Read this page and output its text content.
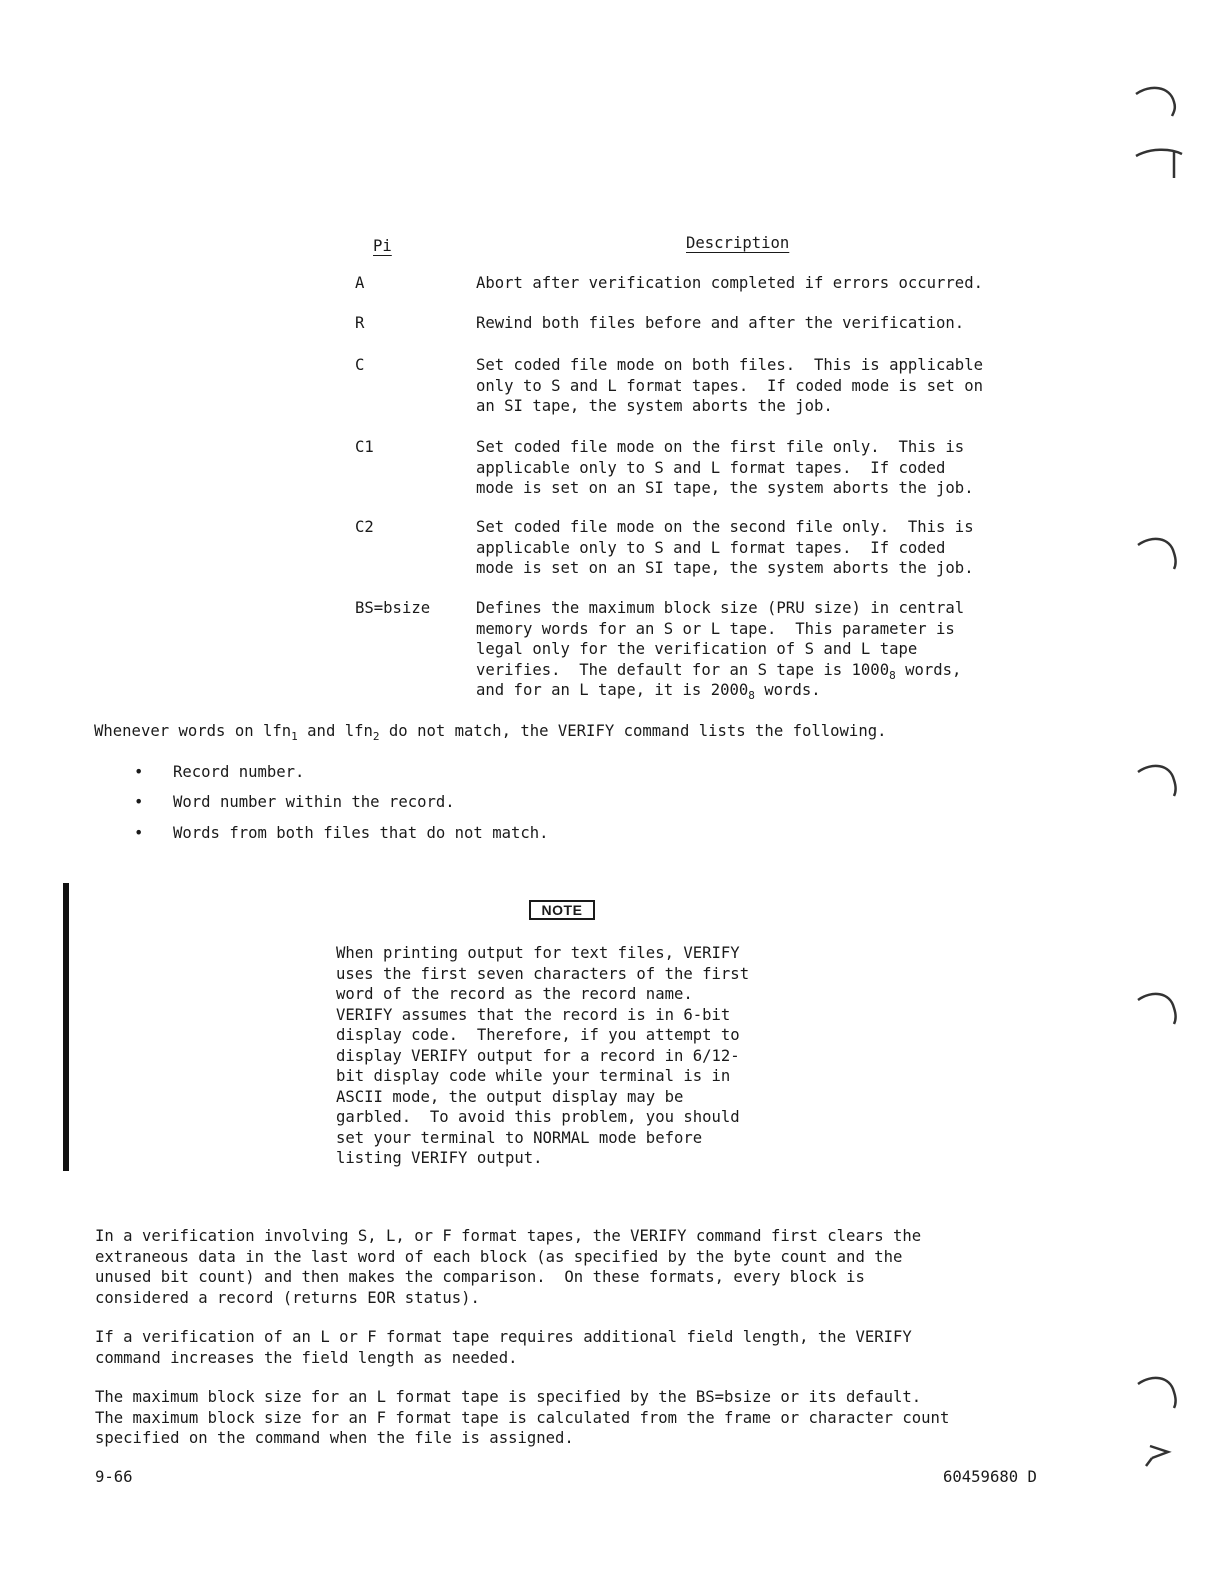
Pi	Description
A	Abort after verification completed if errors occurred.
R	Rewind both files before and after the verification.
C	Set coded file mode on both files.  This is applicable
only to S and L format tapes.  If coded mode is set on
an SI tape, the system aborts the job.
C1	Set coded file mode on the first file only.  This is
applicable only to S and L format tapes.  If coded
mode is set on an SI tape, the system aborts the job.
C2	Set coded file mode on the second file only.  This is
applicable only to S and L format tapes.  If coded
mode is set on an SI tape, the system aborts the job.
BS=bsize	Defines the maximum block size (PRU size) in central
memory words for an S or L tape.  This parameter is
legal only for the verification of S and L tape
verifies.  The default for an S tape is $1000_8$ words,
and for an L tape, it is $2000_8$ words.
Whenever words on lfn$_1$ and lfn$_2$ do not match, the VERIFY command lists the following.
• Record number.
• Word number within the record.
• Words from both files that do not match.
NOTE
When printing output for text files, VERIFY
uses the first seven characters of the first
word of the record as the record name.
VERIFY assumes that the record is in 6-bit
display code.  Therefore, if you attempt to
display VERIFY output for a record in 6/12-
bit display code while your terminal is in
ASCII mode, the output display may be
garbled.  To avoid this problem, you should
set your terminal to NORMAL mode before
listing VERIFY output.
In a verification involving S, L, or F format tapes, the VERIFY command first clears the
extraneous data in the last word of each block (as specified by the byte count and the
unused bit count) and then makes the comparison.  On these formats, every block is
considered a record (returns EOR status).
If a verification of an L or F format tape requires additional field length, the VERIFY
command increases the field length as needed.
The maximum block size for an L format tape is specified by the BS=bsize or its default.
The maximum block size for an F format tape is calculated from the frame or character count
specified on the command when the file is assigned.
9-66	60459680 D
